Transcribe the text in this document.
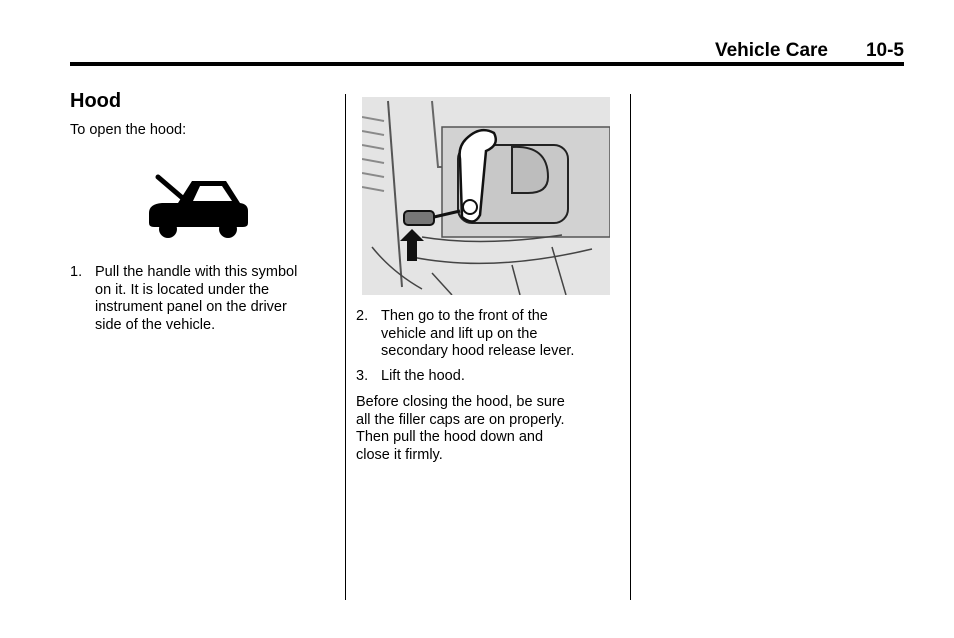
Vehicle Care 10-5
Hood
To open the hood:
1. Pull the handle with this symbol
on it. It is located under the
instrument panel on the driver
side of the vehicle.
2. Then go to the front of the
vehicle and lift up on the
secondary hood release lever.
3. Lift the hood.
Before closing the hood, be sure
all the filler caps are on properly.
Then pull the hood down and
close it firmly.
